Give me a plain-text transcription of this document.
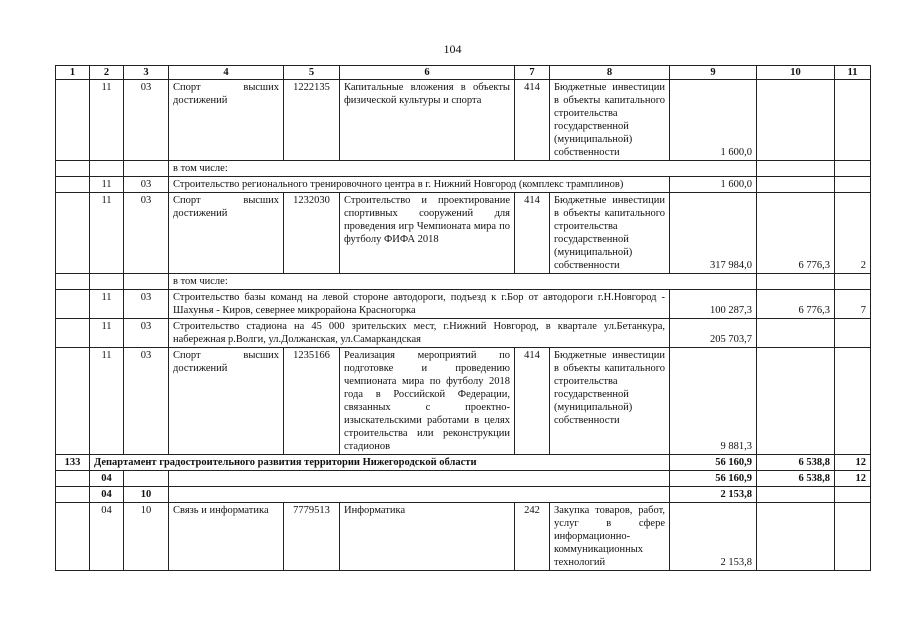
104
1	2	3	4	5	6	7	8	9	10	11	
	11	03	Спорт высших достижений	1222135	Капитальные вложения в объекты физической культуры и спорта	414	Бюджетные инвестиции в объекты капитального строительства государственной (муниципальной) собственности	1 600,0			
			в том числе:								
	11	03	Строительство регионального тренировочного центра в г. Нижний Новгород (комплекс трамплинов)					1 600,0			
	11	03	Спорт высших достижений	1232030	Строительство и проектирование спортивных сооружений для проведения игр Чемпионата мира по футболу ФИФА 2018	414	Бюджетные инвестиции в объекты капитального строительства государственной (муниципальной) собственности	317 984,0	6 776,3	2	
			в том числе:								
	11	03	Строительство базы команд на левой стороне автодороги, подъезд к г.Бор от автодороги г.Н.Новгород - Шахунья - Киров, севернее микрорайона Красногорка					100 287,3	6 776,3	7	
	11	03	Строительство стадиона на 45 000 зрительских мест, г.Нижний Новгород, в квартале ул.Бетанкура, набережная р.Волги, ул.Должанская, ул.Самаркандская					205 703,7			
	11	03	Спорт высших достижений	1235166	Реализация мероприятий по подготовке и проведению чемпионата мира по футболу 2018 года в Российской Федерации, связанных с проектно-изыскательскими работами в целях строительства или реконструкции стадионов	414	Бюджетные инвестиции в объекты капитального строительства государственной (муниципальной) собственности	9 881,3			
133	Департамент градостроительного развития территории Нижегородской области							56 160,9	6 538,8	12	
	04							56 160,9	6 538,8	12	
	04	10						2 153,8			
	04	10	Связь и информатика	7779513	Информатика	242	Закупка товаров, работ, услуг в сфере информационно-коммуникационных технологий	2 153,8			
